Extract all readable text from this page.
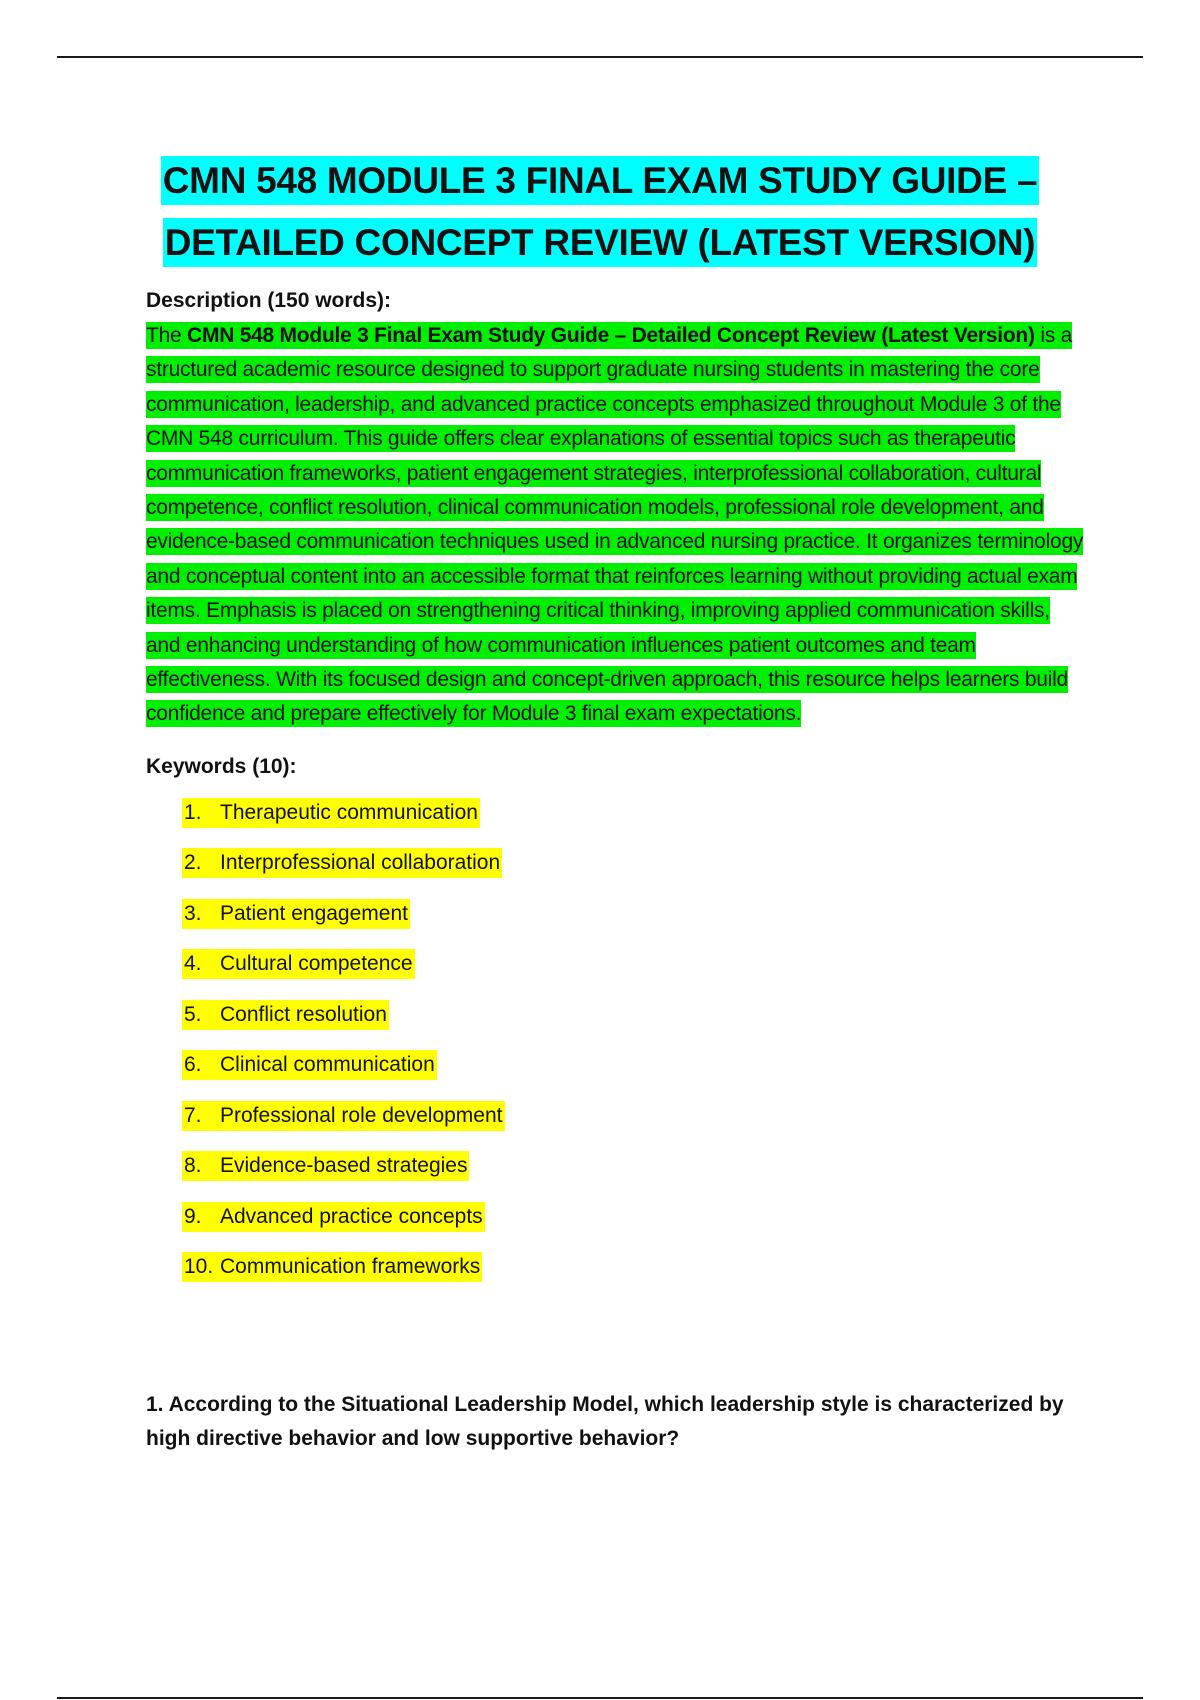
CMN 548 MODULE 3 FINAL EXAM STUDY GUIDE –
DETAILED CONCEPT REVIEW (LATEST VERSION)
Description (150 words):

The CMN 548 Module 3 Final Exam Study Guide – Detailed Concept Review (Latest Version) is a structured academic resource designed to support graduate nursing students in mastering the core communication, leadership, and advanced practice concepts emphasized throughout Module 3 of the CMN 548 curriculum. This guide offers clear explanations of essential topics such as therapeutic communication frameworks, patient engagement strategies, interprofessional collaboration, cultural competence, conflict resolution, clinical communication models, professional role development, and evidence-based communication techniques used in advanced nursing practice. It organizes terminology and conceptual content into an accessible format that reinforces learning without providing actual exam items. Emphasis is placed on strengthening critical thinking, improving applied communication skills, and enhancing understanding of how communication influences patient outcomes and team effectiveness. With its focused design and concept-driven approach, this resource helps learners build confidence and prepare effectively for Module 3 final exam expectations.

Keywords (10):
1. Therapeutic communication
2. Interprofessional collaboration
3. Patient engagement
4. Cultural competence
5. Conflict resolution
6. Clinical communication
7. Professional role development
8. Evidence-based strategies
9. Advanced practice concepts
10. Communication frameworks
1. According to the Situational Leadership Model, which leadership style is characterized by high directive behavior and low supportive behavior?
